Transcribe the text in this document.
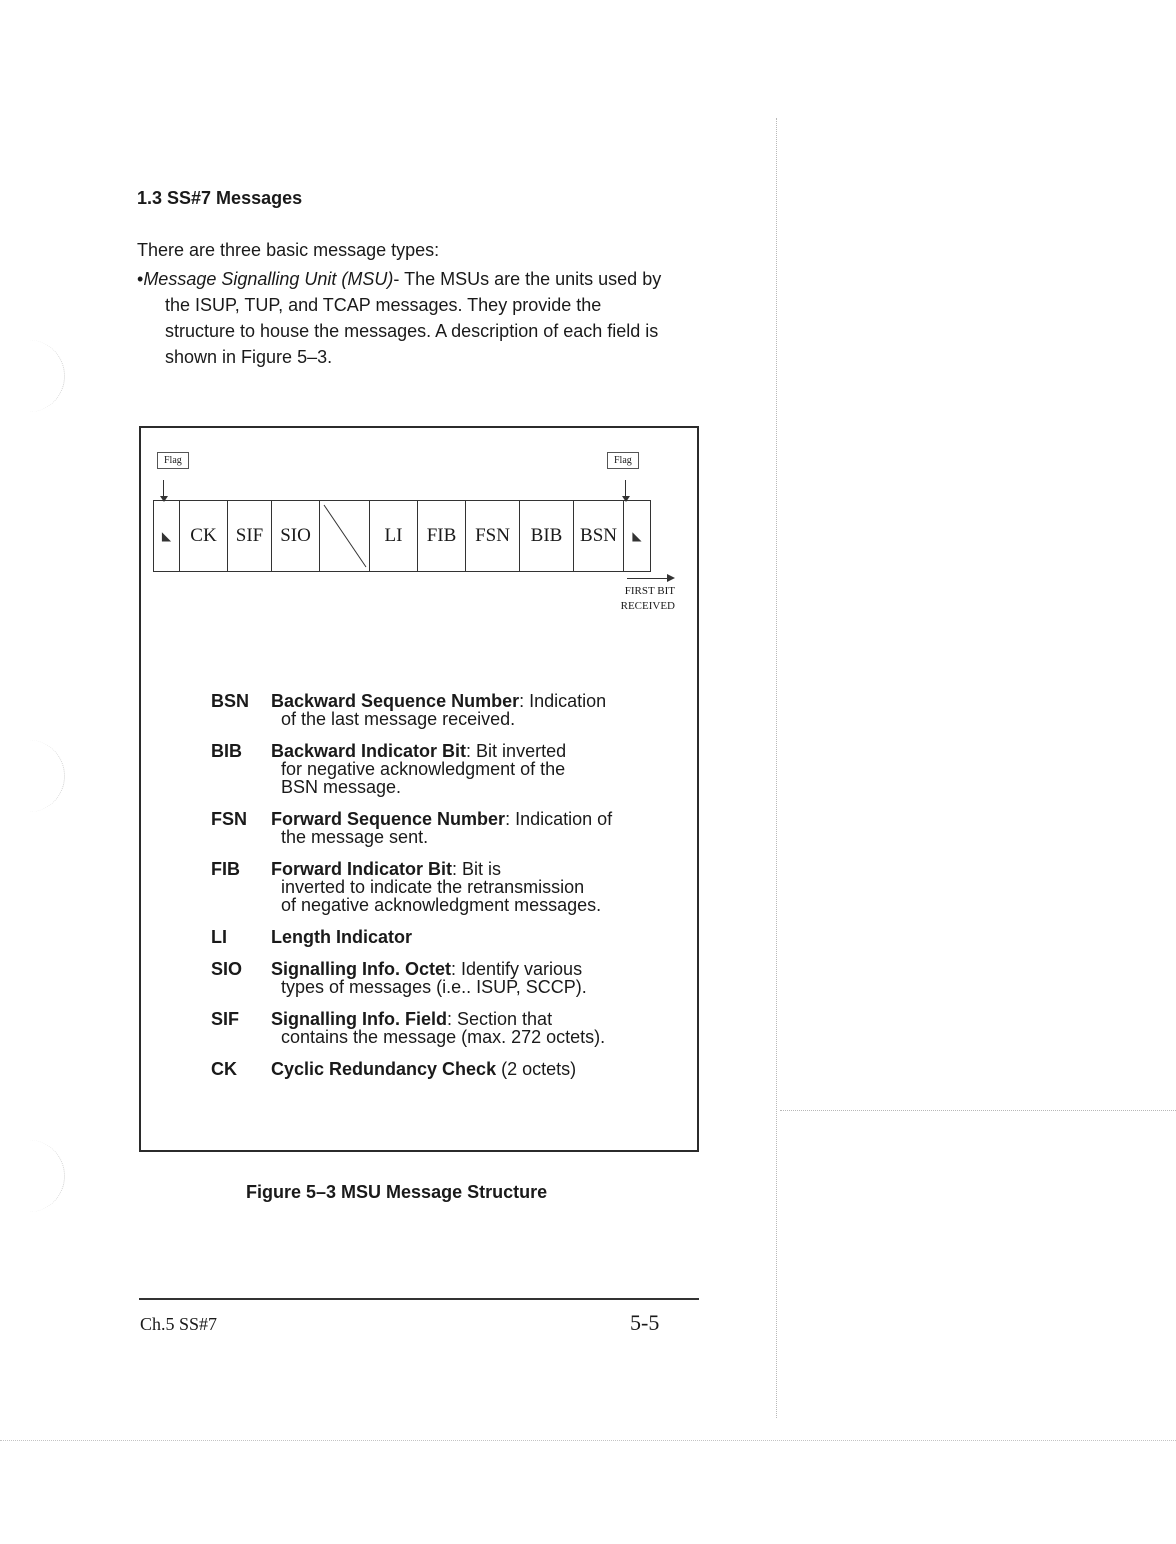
1.3 SS#7 Messages
There are three basic message types:
•Message Signalling Unit (MSU)- The MSUs are the units used by
the ISUP, TUP, and TCAP messages. They provide the
structure to house the messages. A description of each field is
shown in Figure 5–3.
Flag	Flag
◣	CK	SIF SIO	LI	FIB FSN	BIB BSN	◣
FIRST BIT
RECEIVED
BSN Backward Sequence Number: Indication
of the last message received.
BIB Backward Indicator Bit: Bit inverted
for negative acknowledgment of the
BSN message.
FSN Forward Sequence Number: Indication of
the message sent.
FIB Forward Indicator Bit: Bit is
inverted to indicate the retransmission
of negative acknowledgment messages.
LI Length Indicator
SIO Signalling Info. Octet: Identify various
types of messages (i.e.. ISUP, SCCP).
SIF Signalling Info. Field: Section that
contains the message (max. 272 octets).
CK Cyclic Redundancy Check (2 octets)
Figure 5–3 MSU Message Structure
Ch.5 SS#7	5-5
